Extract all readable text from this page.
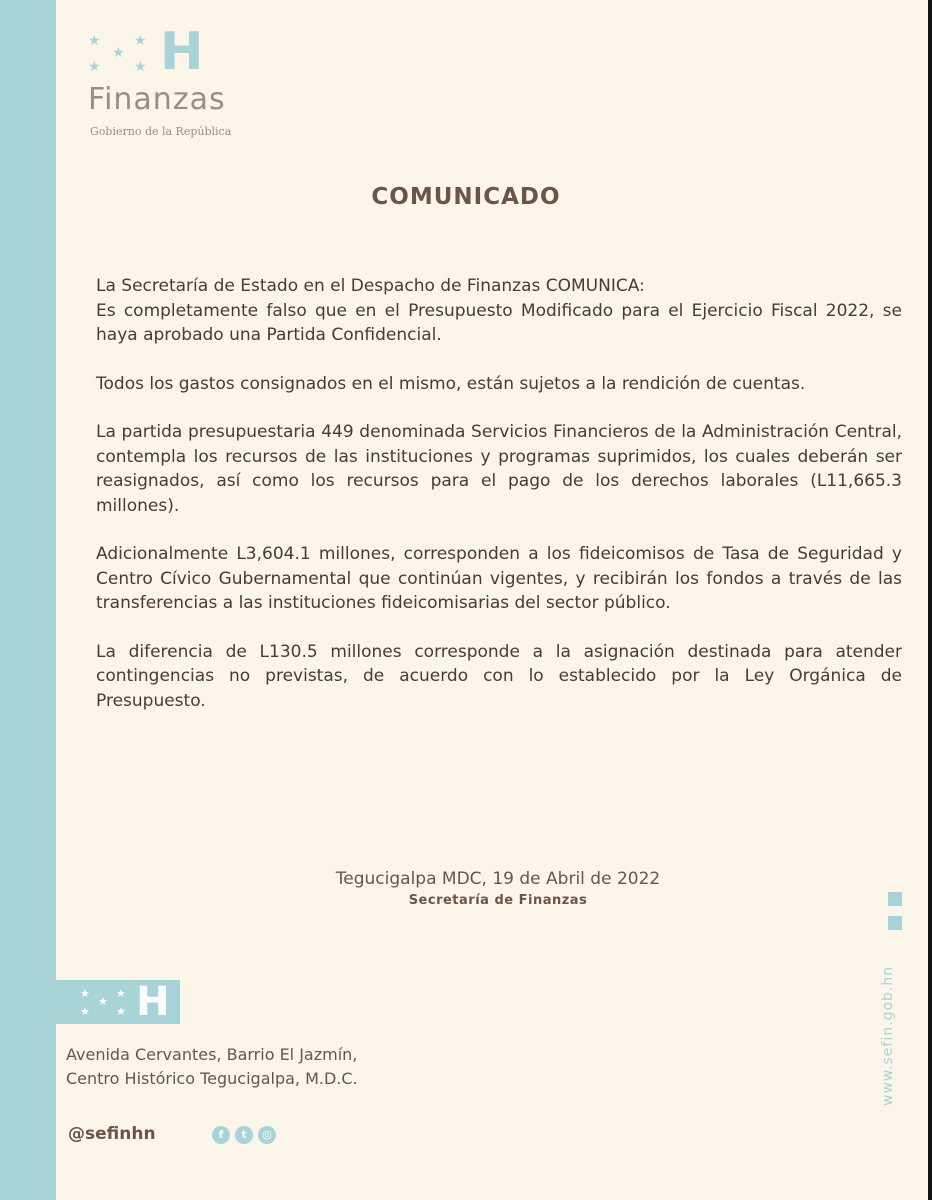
★ ★
★
★ ★ H
Finanzas
Gobierno de la República
COMUNICADO

La Secretaría de Estado en el Despacho de Finanzas COMUNICA:
Es completamente falso que en el Presupuesto Modificado para el Ejercicio Fiscal 2022, se haya aprobado una Partida Confidencial.

Todos los gastos consignados en el mismo, están sujetos a la rendición de cuentas.

La partida presupuestaria 449 denominada Servicios Financieros de la Administración Central, contempla los recursos de las instituciones y programas suprimidos, los cuales deberán ser reasignados, así como los recursos para el pago de los derechos laborales (L11,665.3 millones).

Adicionalmente L3,604.1 millones, corresponden a los fideicomisos de Tasa de Seguridad y Centro Cívico Gubernamental que continúan vigentes, y recibirán los fondos a través de las transferencias a las instituciones fideicomisarias del sector público.

La diferencia de L130.5 millones corresponde a la asignación destinada para atender contingencias no previstas, de acuerdo con lo establecido por la Ley Orgánica de Presupuesto.

Tegucigalpa MDC, 19 de Abril de 2022
Secretaría de Finanzas
★ ★
★
★ ★ H
Avenida Cervantes, Barrio El Jazmín,
Centro Histórico Tegucigalpa, M.D.C.
@sefinhn	f	t	◎
www.sefin.gob.hn
